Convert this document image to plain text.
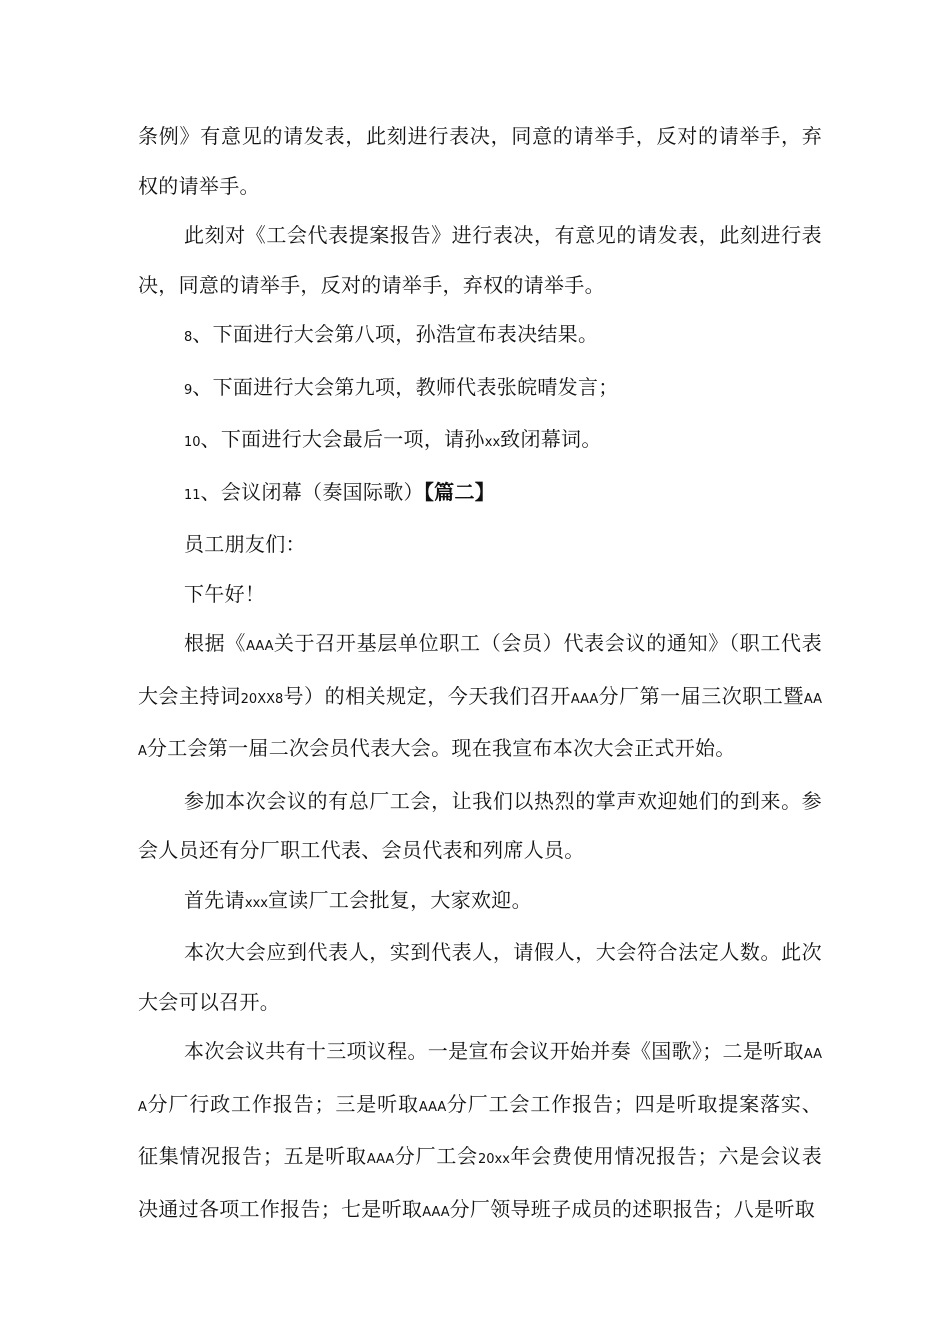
条例》有意见的请发表，此刻进行表决，同意的请举手，反对的请举手，弃权的请举手。

此刻对《工会代表提案报告》进行表决，有意见的请发表，此刻进行表决，同意的请举手，反对的请举手，弃权的请举手。

8、下面进行大会第八项，孙浩宣布表决结果。

9、下面进行大会第九项，教师代表张皖晴发言；

10、下面进行大会最后一项，请孙xx致闭幕词。

11、会议闭幕（奏国际歌）【篇二】

员工朋友们：

下午好！

根据《AAA关于召开基层单位职工（会员）代表会议的通知》（职工代表大会主持词20XX8号）的相关规定，今天我们召开AAA分厂第一届三次职工暨AAA分工会第一届二次会员代表大会。现在我宣布本次大会正式开始。

参加本次会议的有总厂工会，让我们以热烈的掌声欢迎她们的到来。参会人员还有分厂职工代表、会员代表和列席人员。

首先请xxx宣读厂工会批复，大家欢迎。

本次大会应到代表人，实到代表人，请假人，大会符合法定人数。此次大会可以召开。

本次会议共有十三项议程。一是宣布会议开始并奏《国歌》；二是听取AAA分厂行政工作报告；三是听取AAA分厂工会工作报告；四是听取提案落实、征集情况报告；五是听取AAA分厂工会20xx年会费使用情况报告；六是会议表决通过各项工作报告；七是听取AAA分厂领导班子成员的述职报告；八是听取
